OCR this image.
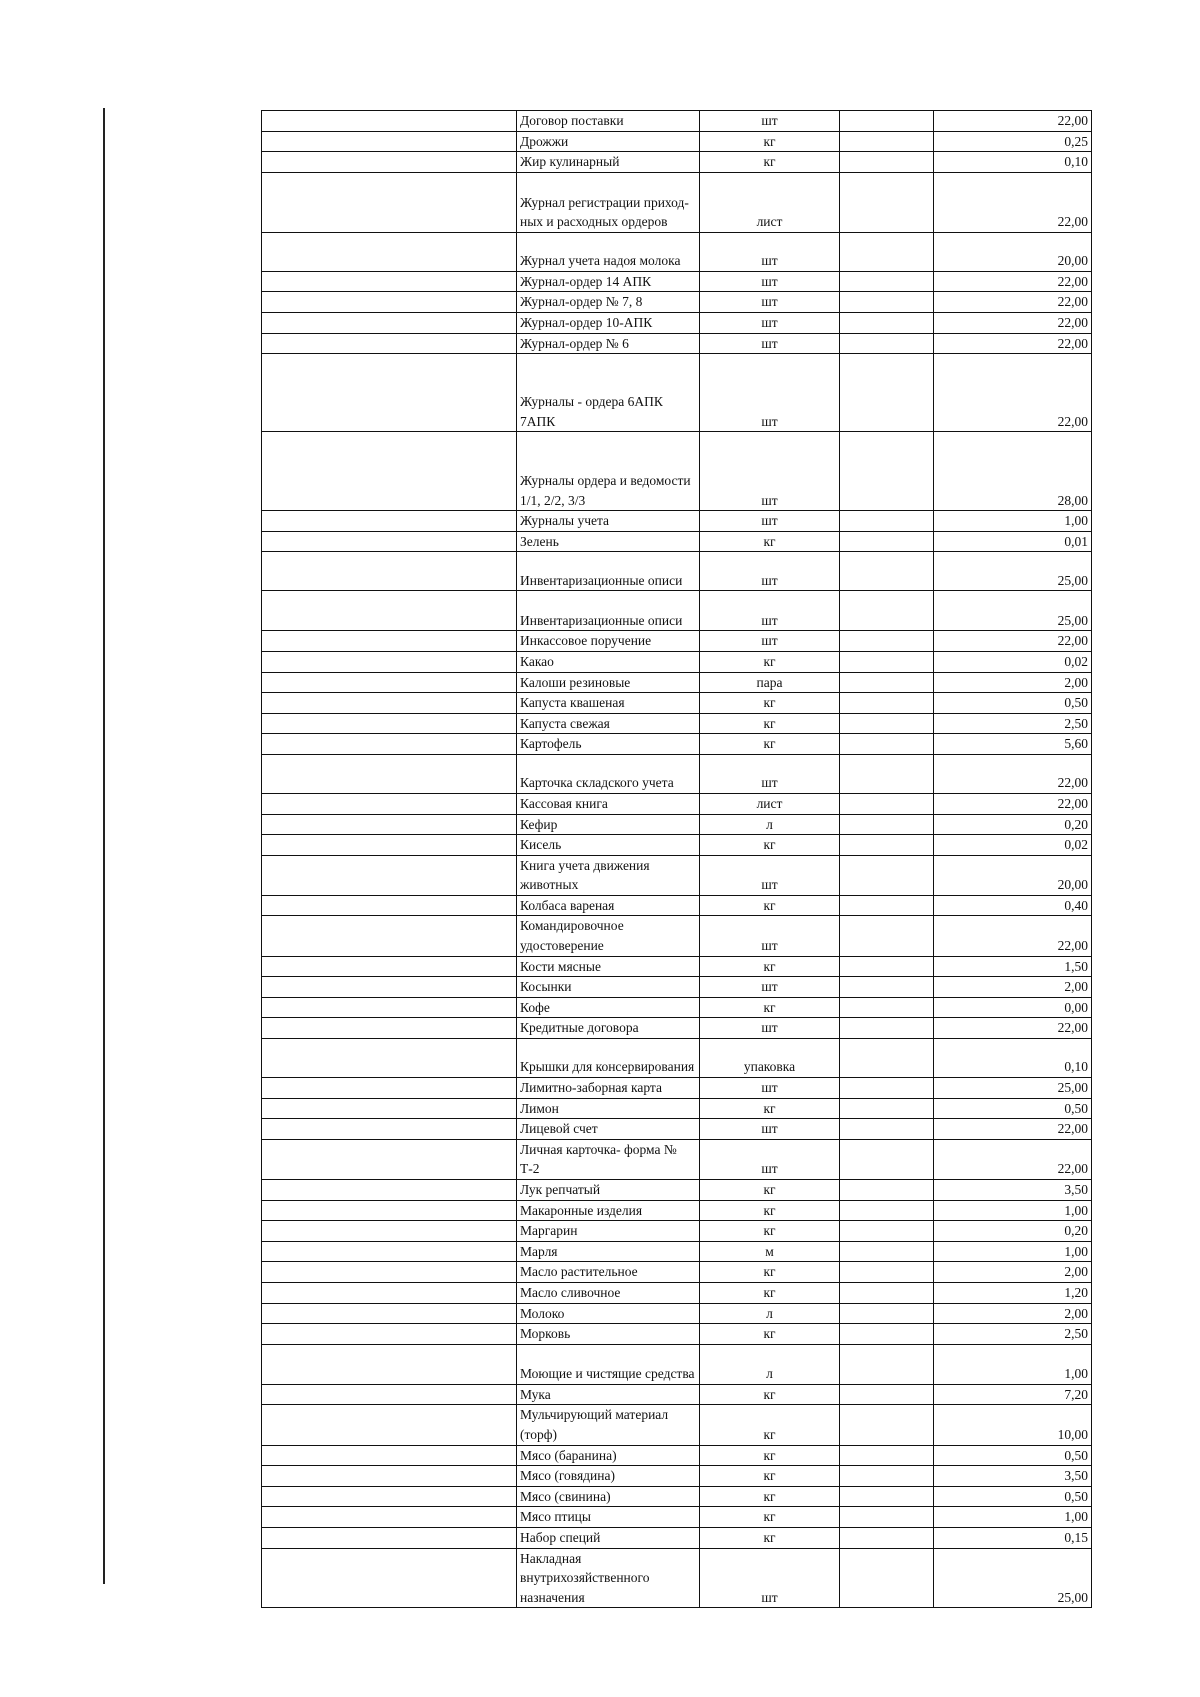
	Договор поставки	шт		22,00
	Дрожжи	кг		0,25
	Жир кулинарный	кг		0,10
	Журнал регистрации приход-ных и расходных ордеров	лист		22,00
	Журнал учета надоя молока	шт		20,00
	Журнал-ордер 14 АПК	шт		22,00
	Журнал-ордер № 7, 8	шт		22,00
	Журнал-ордер 10-АПК	шт		22,00
	Журнал-ордер № 6	шт		22,00
	Журналы - ордера 6АПК 7АПК	шт		22,00
	Журналы ордера и ведомости 1/1, 2/2, 3/3	шт		28,00
	Журналы учета	шт		1,00
	Зелень	кг		0,01
	Инвентаризационные описи	шт		25,00
	Инвентаризационные описи	шт		25,00
	Инкассовое поручение	шт		22,00
	Какао	кг		0,02
	Калоши резиновые	пара		2,00
	Капуста квашеная	кг		0,50
	Капуста свежая	кг		2,50
	Картофель	кг		5,60
	Карточка складского учета	шт		22,00
	Кассовая книга	лист		22,00
	Кефир	л		0,20
	Кисель	кг		0,02
	Книга учета движения животных	шт		20,00
	Колбаса вареная	кг		0,40
	Командировочное удостоверение	шт		22,00
	Кости мясные	кг		1,50
	Косынки	шт		2,00
	Кофе	кг		0,00
	Кредитные договора	шт		22,00
	Крышки для консервирования	упаковка		0,10
	Лимитно-заборная карта	шт		25,00
	Лимон	кг		0,50
	Лицевой счет	шт		22,00
	Личная карточка- форма № Т-2	шт		22,00
	Лук репчатый	кг		3,50
	Макаронные изделия	кг		1,00
	Маргарин	кг		0,20
	Марля	м		1,00
	Масло растительное	кг		2,00
	Масло сливочное	кг		1,20
	Молоко	л		2,00
	Морковь	кг		2,50
	Моющие и чистящие средства	л		1,00
	Мука	кг		7,20
	Мульчирующий материал (торф)	кг		10,00
	Мясо (баранина)	кг		0,50
	Мясо (говядина)	кг		3,50
	Мясо (свинина)	кг		0,50
	Мясо птицы	кг		1,00
	Набор специй	кг		0,15
	Накладная внутрихозяйственного назначения	шт		25,00
